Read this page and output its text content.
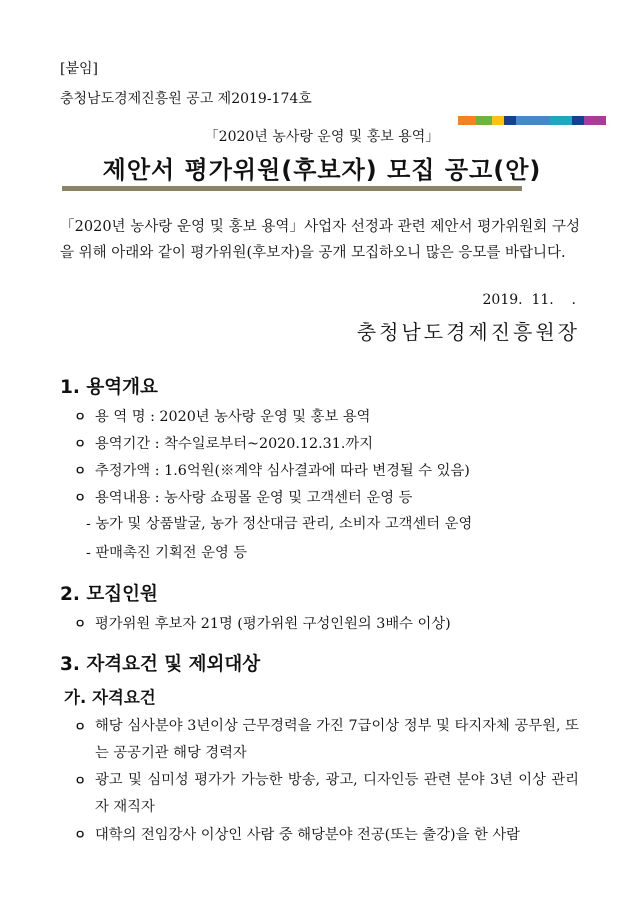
[붙임]
충청남도경제진흥원 공고 제2019-174호
「2020년 농사랑 운영 및 홍보 용역」
제안서 평가위원(후보자) 모집 공고(안)
「2020년 농사랑 운영 및 홍보 용역」사업자 선정과 관련 제안서 평가위원회 구성을 위해 아래와 같이 평가위원(후보자)을 공개 모집하오니 많은 응모를 바랍니다.
2019.  11.    .
충청남도경제진흥원장
1. 용역개요
ㅇ 용 역 명 : 2020년 농사랑 운영 및 홍보 용역
ㅇ 용역기간 : 착수일로부터~2020.12.31.까지
ㅇ 추정가액 : 1.6억원(※계약 심사결과에 따라 변경될 수 있음)
ㅇ 용역내용 : 농사랑 쇼핑몰 운영 및 고객센터 운영 등
- 농가 및 상품발굴, 농가 정산대금 관리, 소비자 고객센터 운영
- 판매촉진 기획전 운영 등
2. 모집인원
ㅇ 평가위원 후보자 21명 (평가위원 구성인원의 3배수 이상)
3. 자격요건 및 제외대상
가. 자격요건
ㅇ 해당 심사분야 3년이상 근무경력을 가진 7급이상 정부 및 타지자체 공무원, 또는 공공기관 해당 경력자
ㅇ 광고 및 심미성 평가가 가능한 방송, 광고, 디자인등 관련 분야 3년 이상 관리자 재직자
ㅇ 대학의 전임강사 이상인 사람 중 해당분야 전공(또는 출강)을 한 사람
